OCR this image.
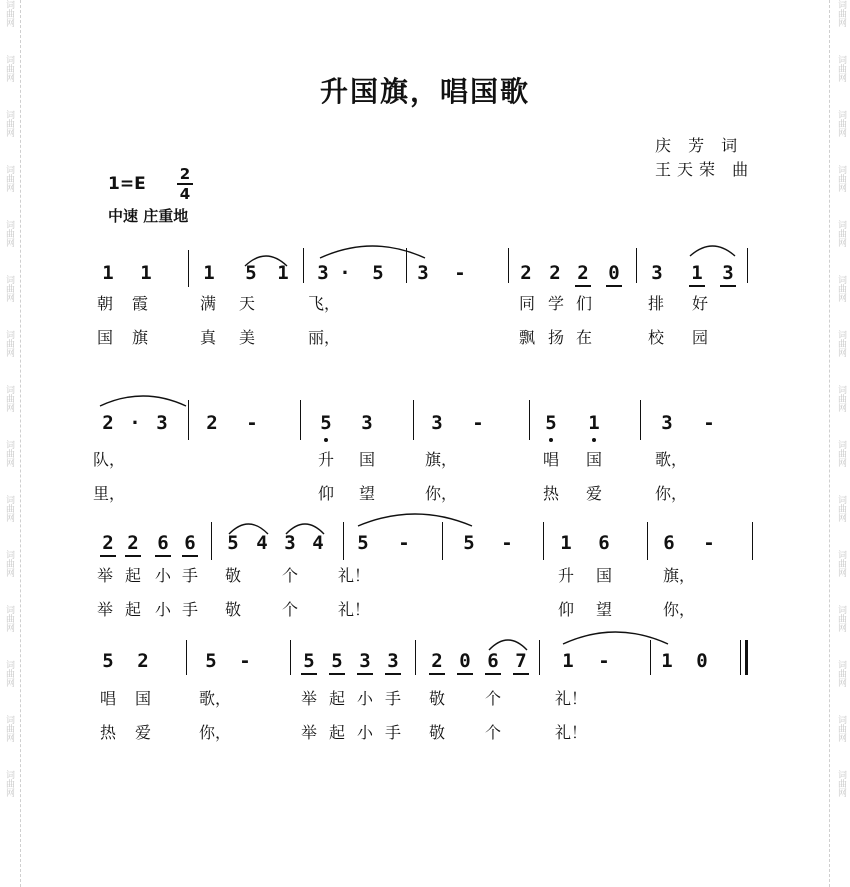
词曲网
词曲网
词曲网
词曲网
词曲网
词曲网
词曲网
词曲网
词曲网
词曲网
词曲网
词曲网
词曲网
词曲网
词曲网
词曲网
词曲网
词曲网
词曲网
词曲网
词曲网
词曲网
词曲网
词曲网
词曲网
词曲网
词曲网
词曲网
词曲网
词曲网
升国旗，唱国歌
庆 芳 词
王天荣 曲
1=E 2
4
中速 庄重地
1 1	1 5 1 3 · 5 3 -	2 2 2 0 3 1 3
朝 霞	满 天	飞，	同 学 们	排 好
国 旗	真 美	丽，	飘 扬 在	校 园
2 · 3 2 -	5 3	3 -	5 1	3 -
队，	升 国	旗，	唱 国	歌，
里，	仰 望	你，	热 爱	你，
2 2 6 6 5 4 3 4 5 -	5 -	1 6	6 -
举 起 小 手 敬	个	礼！	升 国	旗，
举 起 小 手 敬	个	礼！	仰 望	你，
5 2	5 -	5 5 3 3 2 0 6 7 1 -	1 0
唱 国	歌，	举 起 小 手 敬 个	礼！
热 爱	你，	举 起 小 手 敬 个	礼！
